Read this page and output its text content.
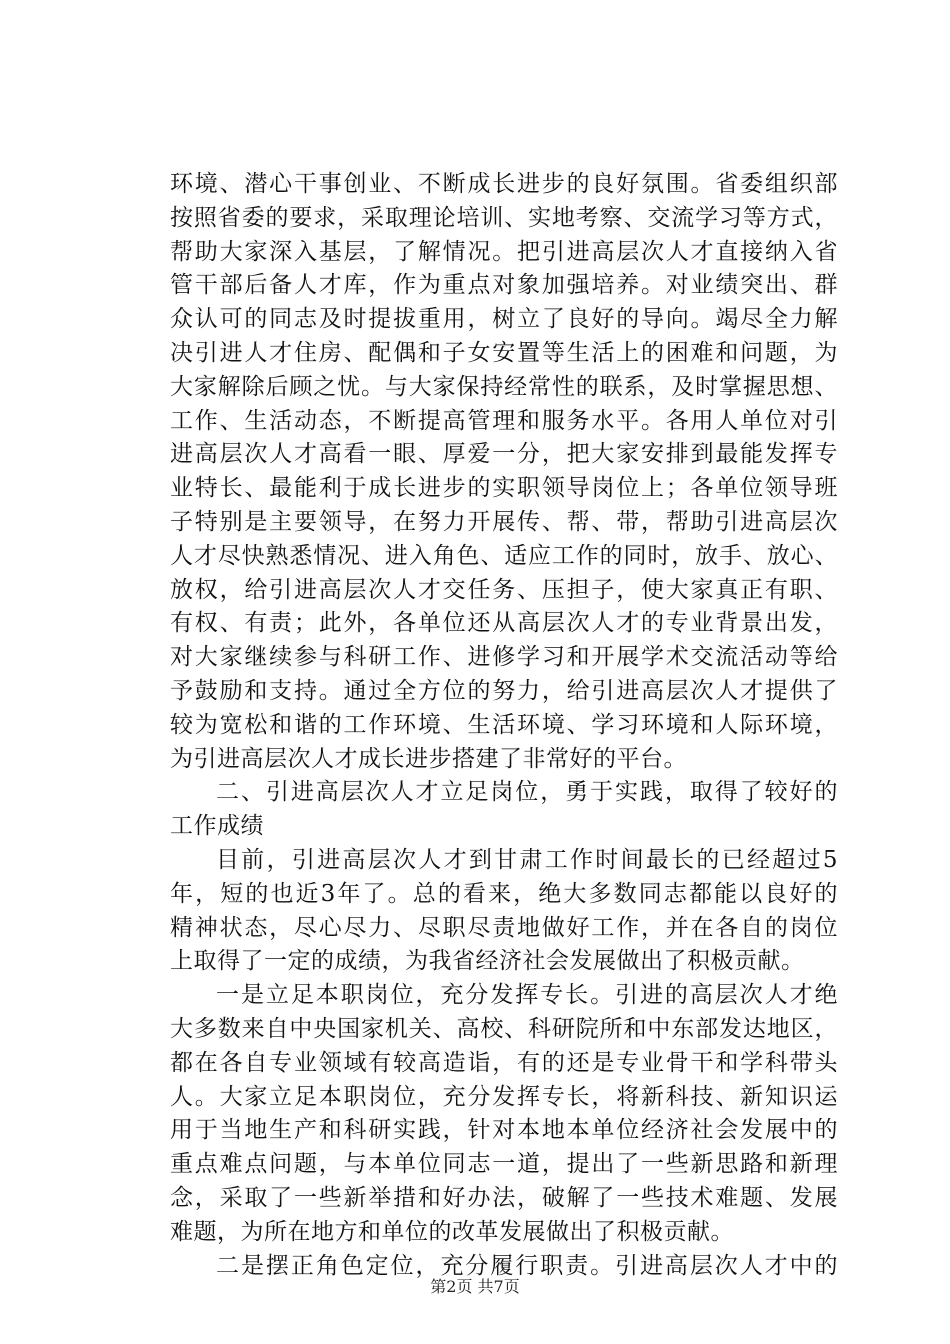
环境、潜心干事创业、不断成长进步的良好氛围。省委组织部
按照省委的要求，采取理论培训、实地考察、交流学习等方式，
帮助大家深入基层，了解情况。把引进高层次人才直接纳入省
管干部后备人才库，作为重点对象加强培养。对业绩突出、群
众认可的同志及时提拔重用，树立了良好的导向。竭尽全力解
决引进人才住房、配偶和子女安置等生活上的困难和问题，为
大家解除后顾之忧。与大家保持经常性的联系，及时掌握思想、
工作、生活动态，不断提高管理和服务水平。各用人单位对引
进高层次人才高看一眼、厚爱一分，把大家安排到最能发挥专
业特长、最能利于成长进步的实职领导岗位上；各单位领导班
子特别是主要领导，在努力开展传、帮、带，帮助引进高层次
人才尽快熟悉情况、进入角色、适应工作的同时，放手、放心、
放权，给引进高层次人才交任务、压担子，使大家真正有职、
有权、有责；此外，各单位还从高层次人才的专业背景出发，
对大家继续参与科研工作、进修学习和开展学术交流活动等给
予鼓励和支持。通过全方位的努力，给引进高层次人才提供了
较为宽松和谐的工作环境、生活环境、学习环境和人际环境，
为引进高层次人才成长进步搭建了非常好的平台。
二、引进高层次人才立足岗位，勇于实践，取得了较好的
工作成绩
目前，引进高层次人才到甘肃工作时间最长的已经超过5
年，短的也近3年了。总的看来，绝大多数同志都能以良好的
精神状态，尽心尽力、尽职尽责地做好工作，并在各自的岗位
上取得了一定的成绩，为我省经济社会发展做出了积极贡献。
一是立足本职岗位，充分发挥专长。引进的高层次人才绝
大多数来自中央国家机关、高校、科研院所和中东部发达地区，
都在各自专业领域有较高造诣，有的还是专业骨干和学科带头
人。大家立足本职岗位，充分发挥专长，将新科技、新知识运
用于当地生产和科研实践，针对本地本单位经济社会发展中的
重点难点问题，与本单位同志一道，提出了一些新思路和新理
念，采取了一些新举措和好办法，破解了一些技术难题、发展
难题，为所在地方和单位的改革发展做出了积极贡献。
二是摆正角色定位，充分履行职责。引进高层次人才中的
第2页 共7页
